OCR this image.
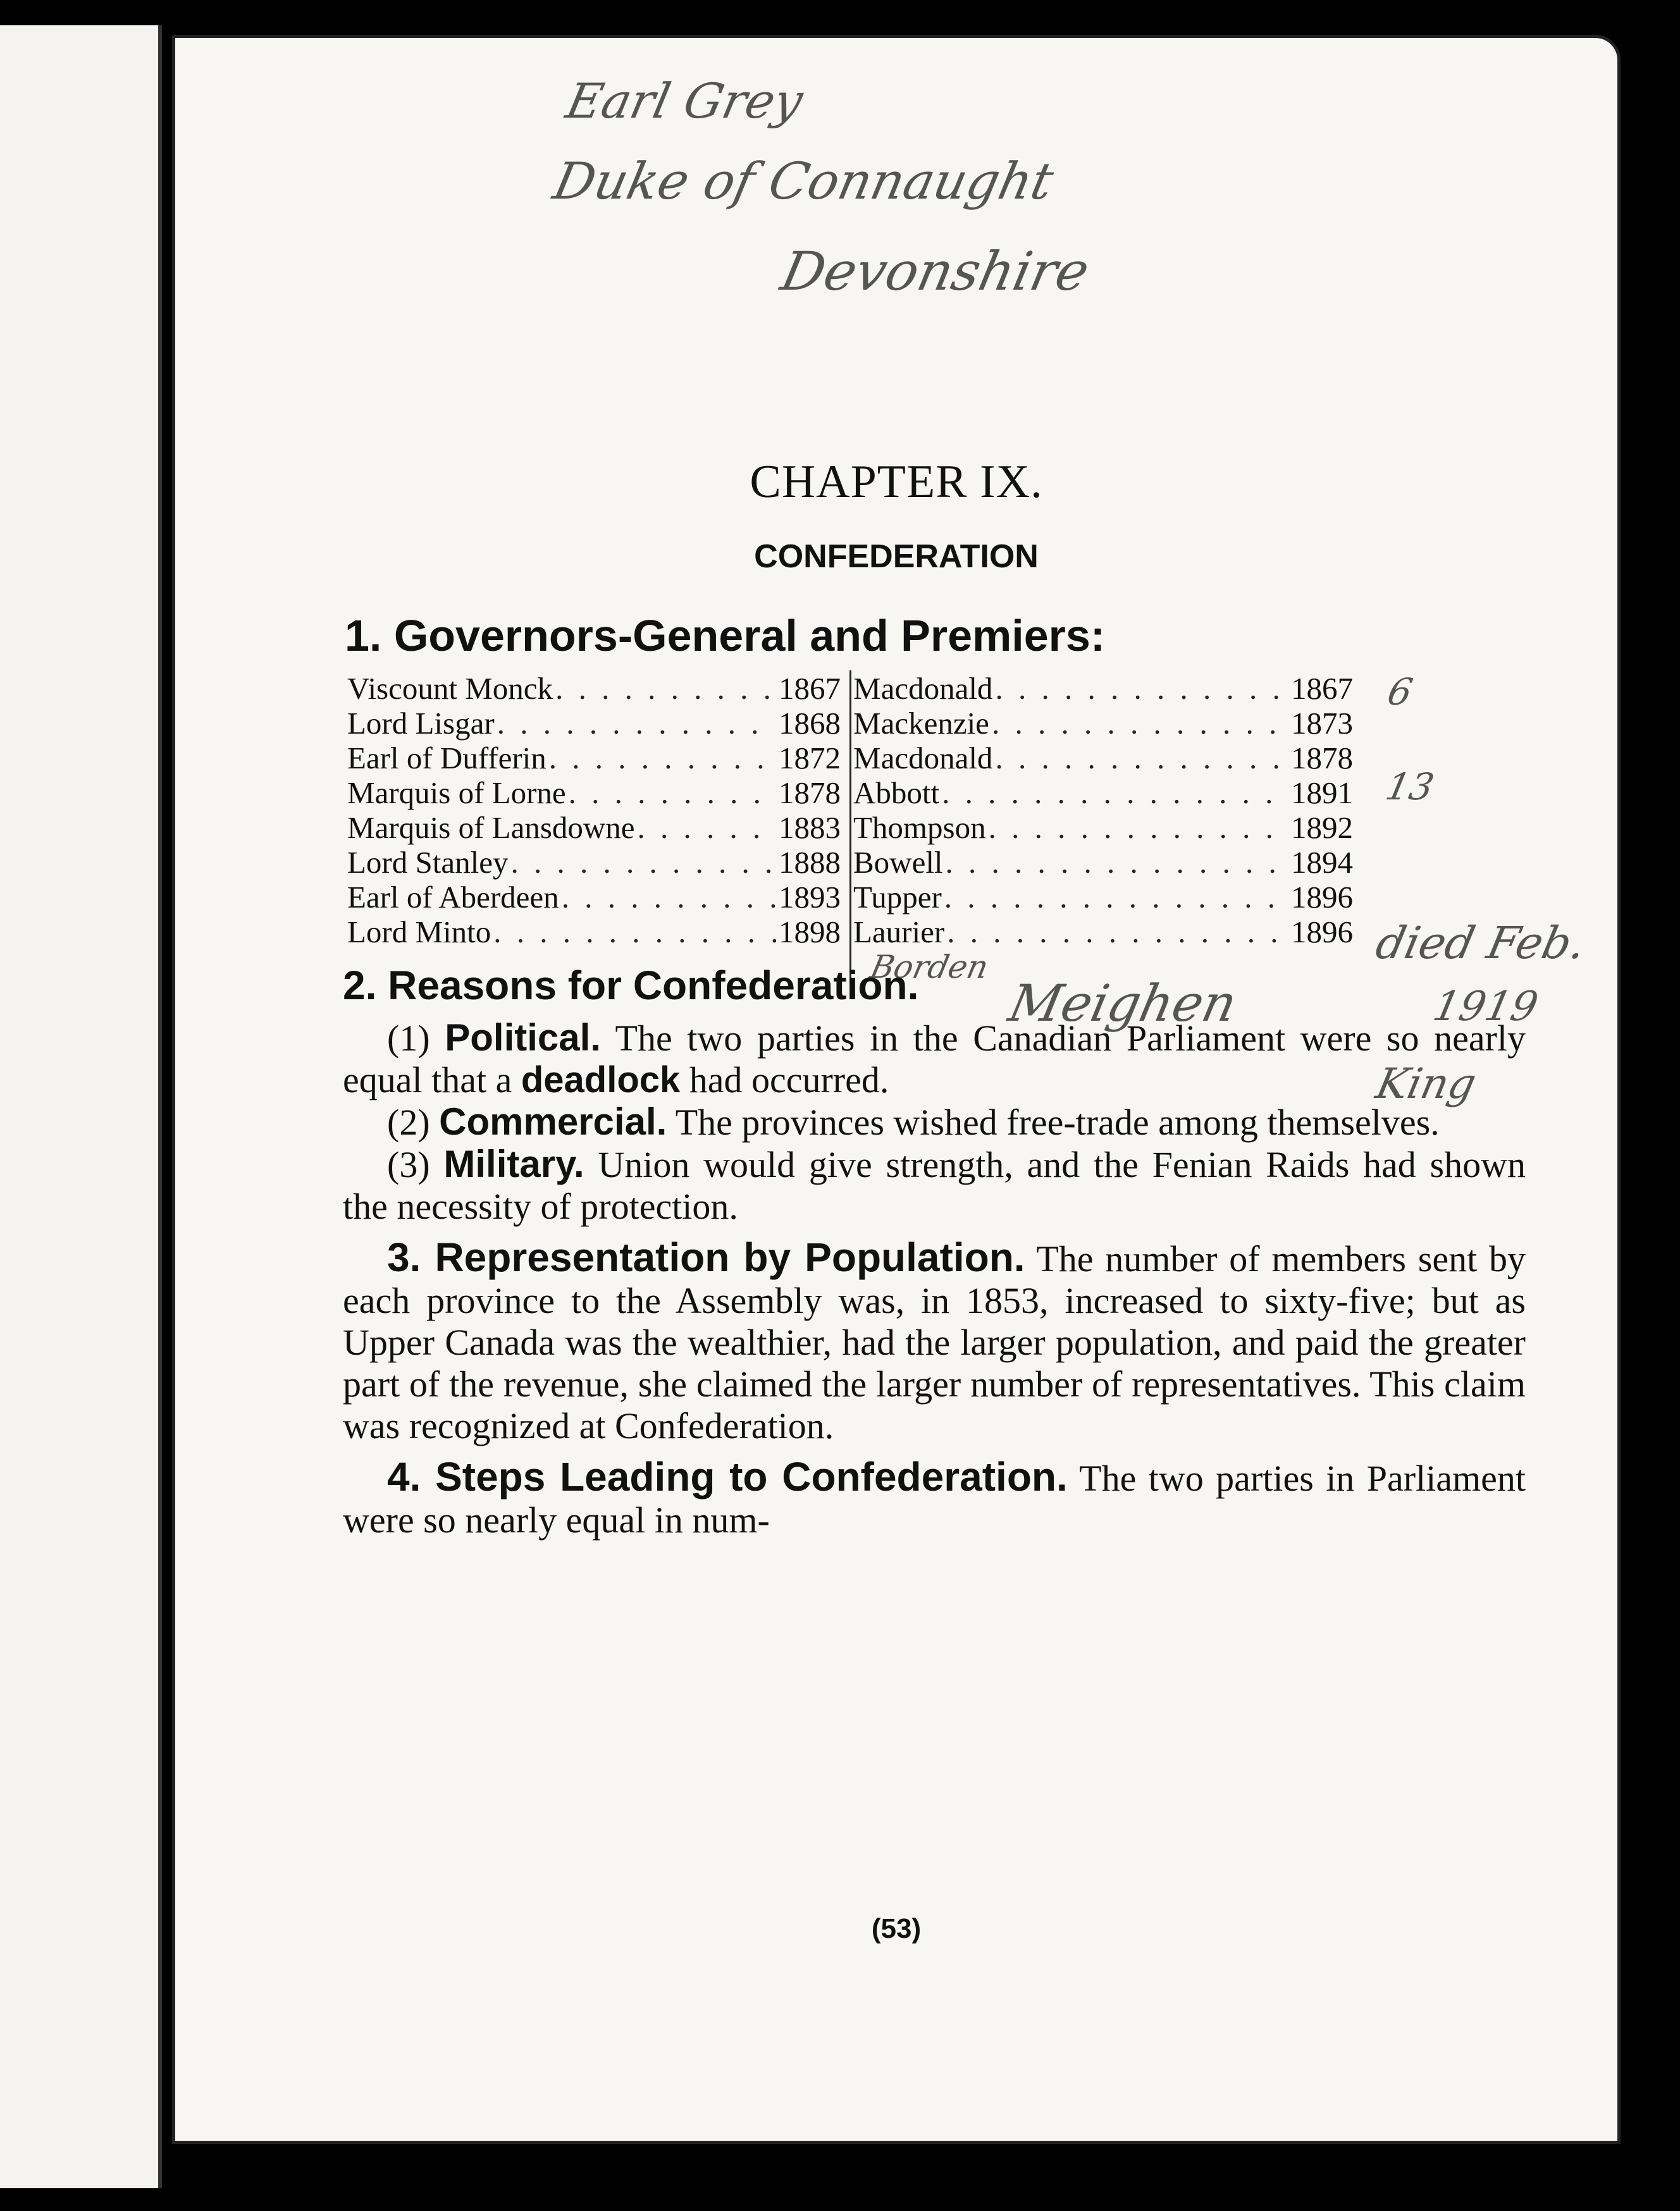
Earl Grey
Duke of Connaught
Devonshire
CHAPTER IX.
CONFEDERATION
1. Governors-General and Premiers:
Viscount Monck . . .	1867
Lord Lisgar . . .	1868
Earl of Dufferin . . .	1872
Marquis of Lorne . . .	1878
Marquis of Lansdowne . . .	1883
Lord Stanley . . .	1888
Earl of Aberdeen . . .	1893
Lord Minto . . .	1898
Macdonald . . .	1867
Mackenzie . . .	1873
Macdonald . . .	1878
Abbott . . .	1891
Thompson . . .	1892
Bowell . . .	1894
Tupper . . .	1896
Laurier . . .	1896
6
13
died Feb.
1919
Borden
Meighen
King

2. Reasons for Confederation.

(1) Political. The two parties in the Canadian Parliament were so nearly equal that a deadlock had occurred.

(2) Commercial. The provinces wished free-trade among themselves.

(3) Military. Union would give strength, and the Fenian Raids had shown the necessity of protection.

3. Representation by Population. The number of members sent by each province to the Assembly was, in 1853, increased to sixty-five; but as Upper Canada was the wealthier, had the larger population, and paid the greater part of the revenue, she claimed the larger number of representatives. This claim was recognized at Confederation.

4. Steps Leading to Confederation. The two parties in Parliament were so nearly equal in num-

(53)
